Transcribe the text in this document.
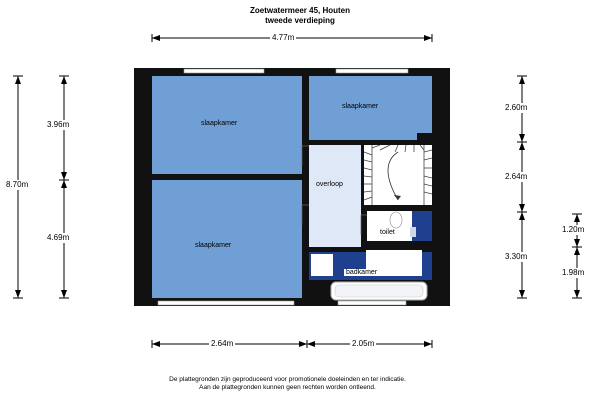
Zoetwatermeer 45, Houten
tweede verdieping
4.77m
8.70m
3.96m
4.69m
2.60m
2.64m
3.30m
1.20m
1.98m
2.64m	2.05m
slaapkamer
slaapkamer
slaapkamer
overloop
toilet
badkamer
De plattegronden zijn geproduceerd voor promotionele doeleinden en ter indicatie.
Aan de plattegronden kunnen geen rechten worden ontleend.
